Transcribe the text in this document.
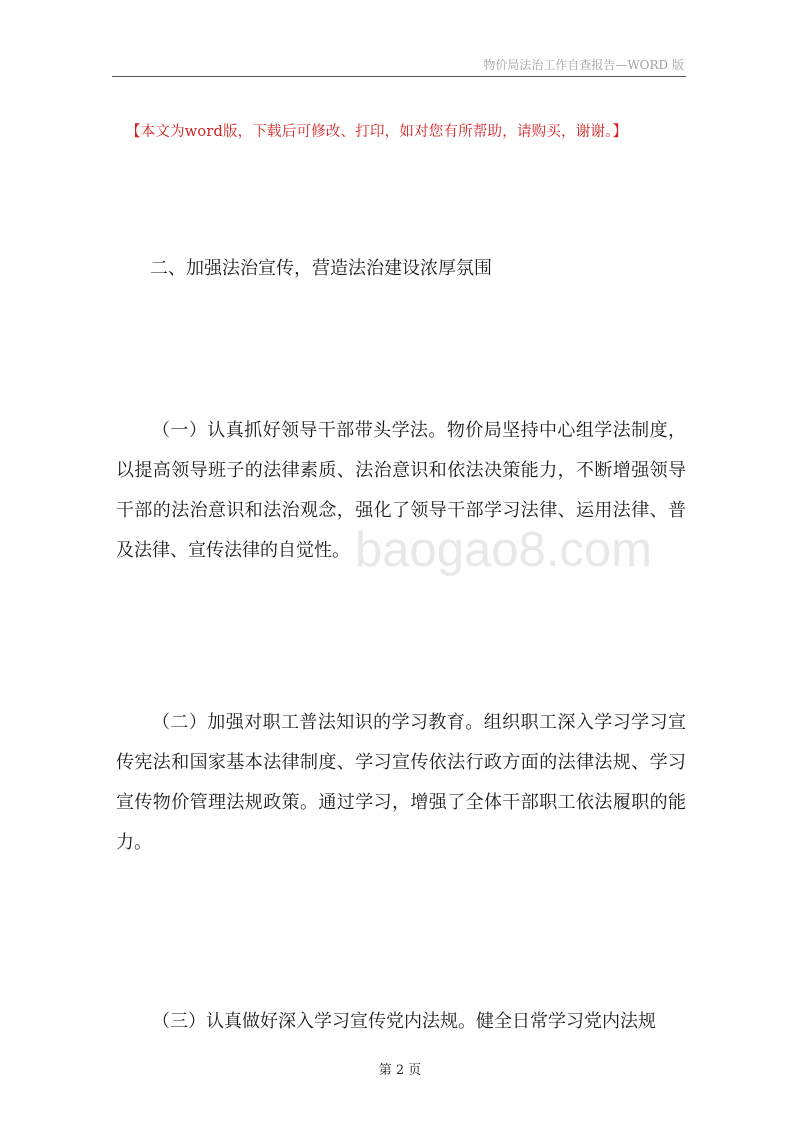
物价局法治工作自查报告—WORD 版
【本文为word版，下载后可修改、打印，如对您有所帮助，请购买，谢谢。】
二、加强法治宣传，营造法治建设浓厚氛围

（一）认真抓好领导干部带头学法。物价局坚持中心组学法制度，以提高领导班子的法律素质、法治意识和依法决策能力，不断增强领导干部的法治意识和法治观念，强化了领导干部学习法律、运用法律、普及法律、宣传法律的自觉性。 baogao8.com

（二）加强对职工普法知识的学习教育。组织职工深入学习学习宣传宪法和国家基本法律制度、学习宣传依法行政方面的法律法规、学习宣传物价管理法规政策。通过学习，增强了全体干部职工依法履职的能力。

（三）认真做好深入学习宣传党内法规。健全日常学习党内法规

第 2 页
